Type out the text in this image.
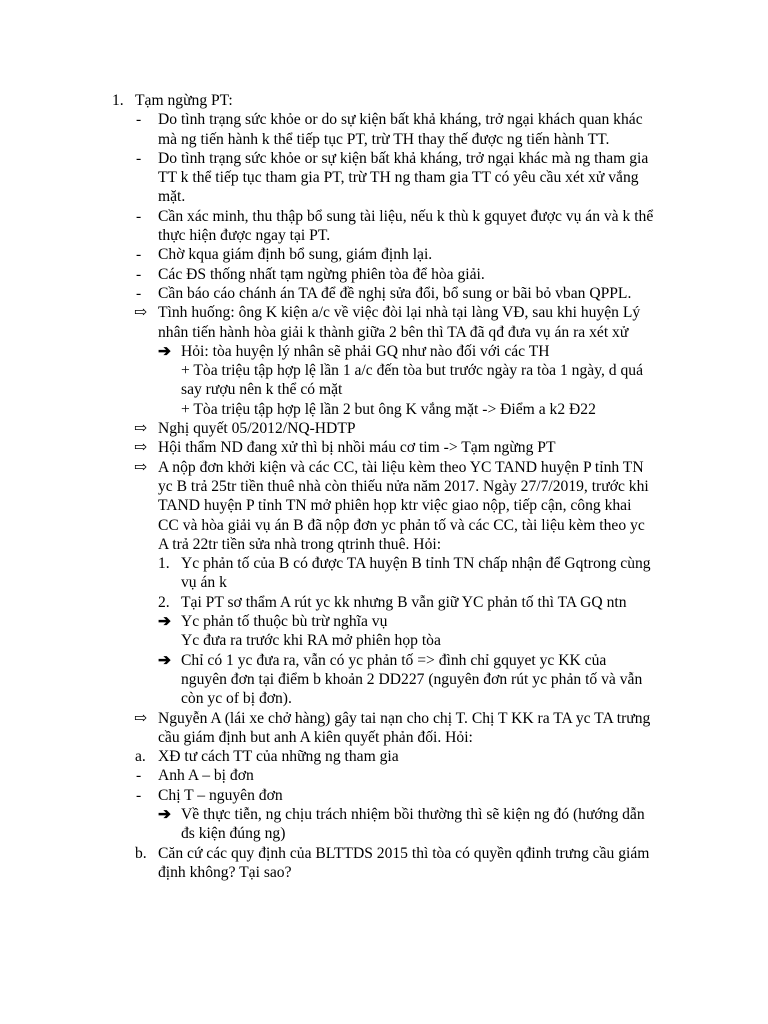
1. Tạm ngừng PT:
- Do tình trạng sức khỏe or do sự kiện bất khả kháng, trở ngại khách quan khác
mà ng tiến hành k thể tiếp tục PT, trừ TH thay thế được ng tiến hành TT.
- Do tình trạng sức khỏe or sự kiện bất khả kháng, trở ngại khác mà ng tham gia
TT k thể tiếp tục tham gia PT, trừ TH ng tham gia TT có yêu cầu xét xử vắng
mặt.
- Cần xác minh, thu thập bổ sung tài liệu, nếu k thù k gquyet được vụ án và k thể
thực hiện được ngay tại PT.
- Chờ kqua giám định bổ sung, giám định lại.
- Các ĐS thống nhất tạm ngừng phiên tòa để hòa giải.
- Cần báo cáo chánh án TA để đề nghị sửa đổi, bổ sung or bãi bỏ vban QPPL.
⇨ Tình huống: ông K kiện a/c về việc đòi lại nhà tại làng VĐ, sau khi huyện Lý
nhân tiến hành hòa giải k thành giữa 2 bên thì TA đã qđ đưa vụ án ra xét xử
➔ Hỏi: tòa huyện lý nhân sẽ phải GQ như nào đối với các TH
+ Tòa triệu tập hợp lệ lần 1 a/c đến tòa but trước ngày ra tòa 1 ngày, d quá
say rượu nên k thể có mặt
+ Tòa triệu tập hợp lệ lần 2 but ông K vắng mặt -> Điểm a k2 Đ22
⇨ Nghị quyết 05/2012/NQ-HDTP
⇨ Hội thẩm ND đang xử thì bị nhồi máu cơ tim -> Tạm ngừng PT
⇨ A nộp đơn khởi kiện và các CC, tài liệu kèm theo YC TAND huyện P tỉnh TN
yc B trả 25tr tiền thuê nhà còn thiếu nửa năm 2017. Ngày 27/7/2019, trước khi
TAND huyện P tỉnh TN mở phiên họp ktr việc giao nộp, tiếp cận, công khai
CC và hòa giải vụ án B đã nộp đơn yc phản tố và các CC, tài liệu kèm theo yc
A trả 22tr tiền sửa nhà trong qtrinh thuê. Hỏi:
1. Yc phản tố của B có được TA huyện B tỉnh TN chấp nhận để Gqtrong cùng
vụ án k
2. Tại PT sơ thẩm A rút yc kk nhưng B vẫn giữ YC phản tố thì TA GQ ntn
➔ Yc phản tố thuộc bù trừ nghĩa vụ
Yc đưa ra trước khi RA mở phiên họp tòa
➔ Chỉ có 1 yc đưa ra, vẫn có yc phản tố => đình chỉ gquyet yc KK của
nguyên đơn tại điểm b khoản 2 DD227 (nguyên đơn rút yc phản tố và vẫn
còn yc of bị đơn).
⇨ Nguyễn A (lái xe chở hàng) gây tai nạn cho chị T. Chị T KK ra TA yc TA trưng
cầu giám định but anh A kiên quyết phản đối. Hỏi:
a. XĐ tư cách TT của những ng tham gia
- Anh A – bị đơn
- Chị T – nguyên đơn
➔ Về thực tiễn, ng chịu trách nhiệm bồi thường thì sẽ kiện ng đó (hướng dẫn
đs kiện đúng ng)
b. Căn cứ các quy định của BLTTDS 2015 thì tòa có quyền qđinh trưng cầu giám
định không? Tại sao?
